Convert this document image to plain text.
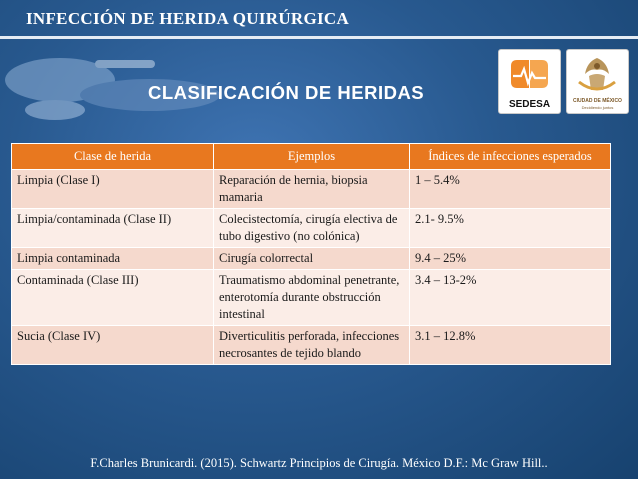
INFECCIÓN DE HERIDA QUIRÚRGICA
CLASIFICACIÓN DE HERIDAS
SEDESA	CIUDAD DE MÉXICO
Decidiendo juntos
Clase de herida	Ejemplos	Índices de infecciones esperados
Limpia (Clase I)	Reparación de hernia, biopsia mamaria	1 – 5.4%
Limpia/contaminada (Clase II)	Colecistectomía, cirugía electiva de tubo digestivo (no colónica)	2.1- 9.5%
Limpia contaminada	Cirugía colorrectal	9.4 – 25%
Contaminada (Clase III)	Traumatismo abdominal penetrante, enterotomía durante obstrucción intestinal	3.4 – 13-2%
Sucia (Clase IV)	Diverticulitis perforada, infecciones necrosantes de tejido blando	3.1 – 12.8%
F.Charles Brunicardi. (2015). Schwartz Principios de Cirugía. México D.F.: Mc Graw Hill..
